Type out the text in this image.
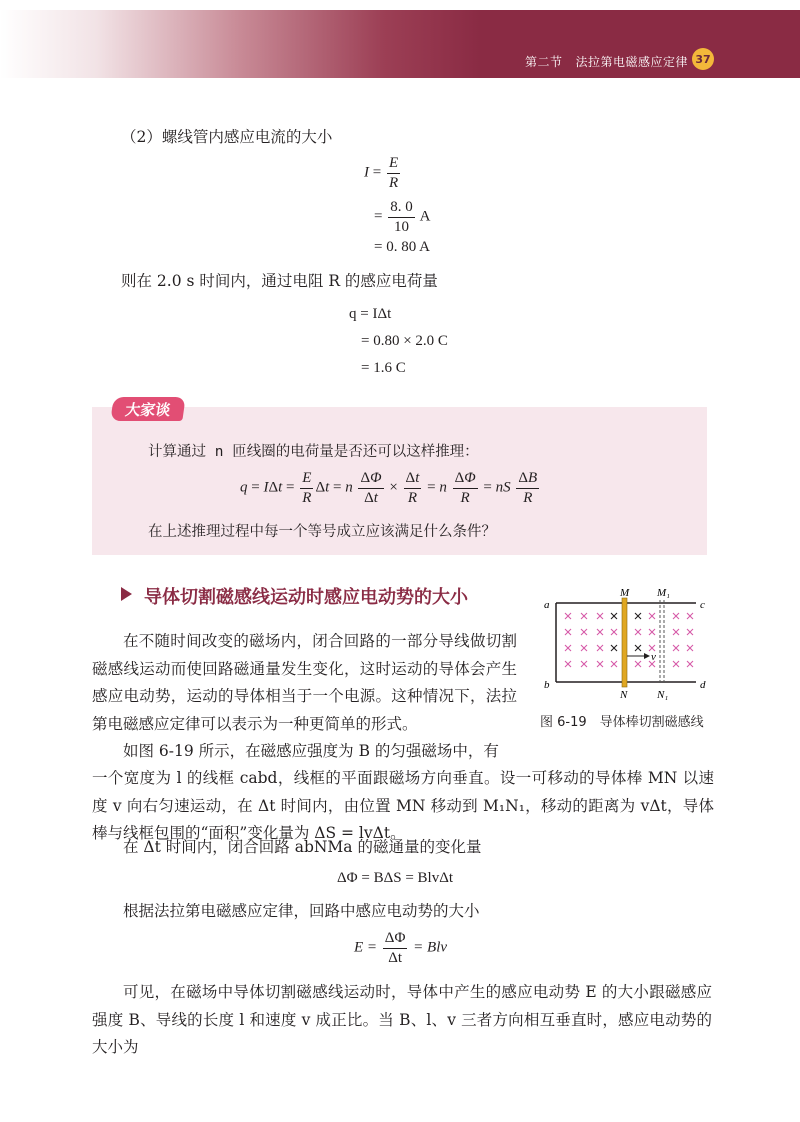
第二节 法拉第电磁感应定律 37
（2）螺线管内感应电流的大小
$I = \frac{E}{R}$
= $\frac{8. 0}{10}$ A
= 0. 80 A
则在 2.0 s 时间内，通过电阻 R 的感应电荷量
q = IΔt
= 0.80 × 2.0 C
= 1.6 C
大家谈
计算通过 n 匝线圈的电荷量是否还可以这样推理：
$q = I\Delta t = \frac{E}{R}$ Δt = n $\frac{\Delta\Phi}{\Delta t} \times \frac{\Delta t}{R} = n \frac{\Delta\Phi}{R}$ = nS $\frac{\Delta B}{R}$
在上述推理过程中每一个等号成立应该满足什么条件？
导体切割磁感线运动时感应电动势的大小	a
b
c
d
M
N
M₁
N₁
v
图 6-19　导体棒切割磁感线
在不随时间改变的磁场内，闭合回路的一部分导线做切割磁感线运动而使回路磁通量发生变化，这时运动的导体会产生感应电动势，运动的导体相当于一个电源。这种情况下，法拉第电磁感应定律可以表示为一种更简单的形式。
如图 6-19 所示，在磁感应强度为 B 的匀强磁场中，有
一个宽度为 l 的线框 cabd，线框的平面跟磁场方向垂直。设一可移动的导体棒 MN 以速度 v 向右匀速运动，在 Δt 时间内，由位置 MN 移动到 M₁N₁，移动的距离为 vΔt，导体棒与线框包围的“面积”变化量为 ΔS = lvΔt。
在 Δt 时间内，闭合回路 abNMa 的磁通量的变化量
ΔΦ = BΔS = BlvΔt
根据法拉第电磁感应定律，回路中感应电动势的大小
$E = \frac{\Delta\Phi}{\Delta t}$ = Blv
可见，在磁场中导体切割磁感线运动时，导体中产生的感应电动势 E 的大小跟磁感应强度 B、导线的长度 l 和速度 v 成正比。当 B、l、v 三者方向相互垂直时，感应电动势的大小为
